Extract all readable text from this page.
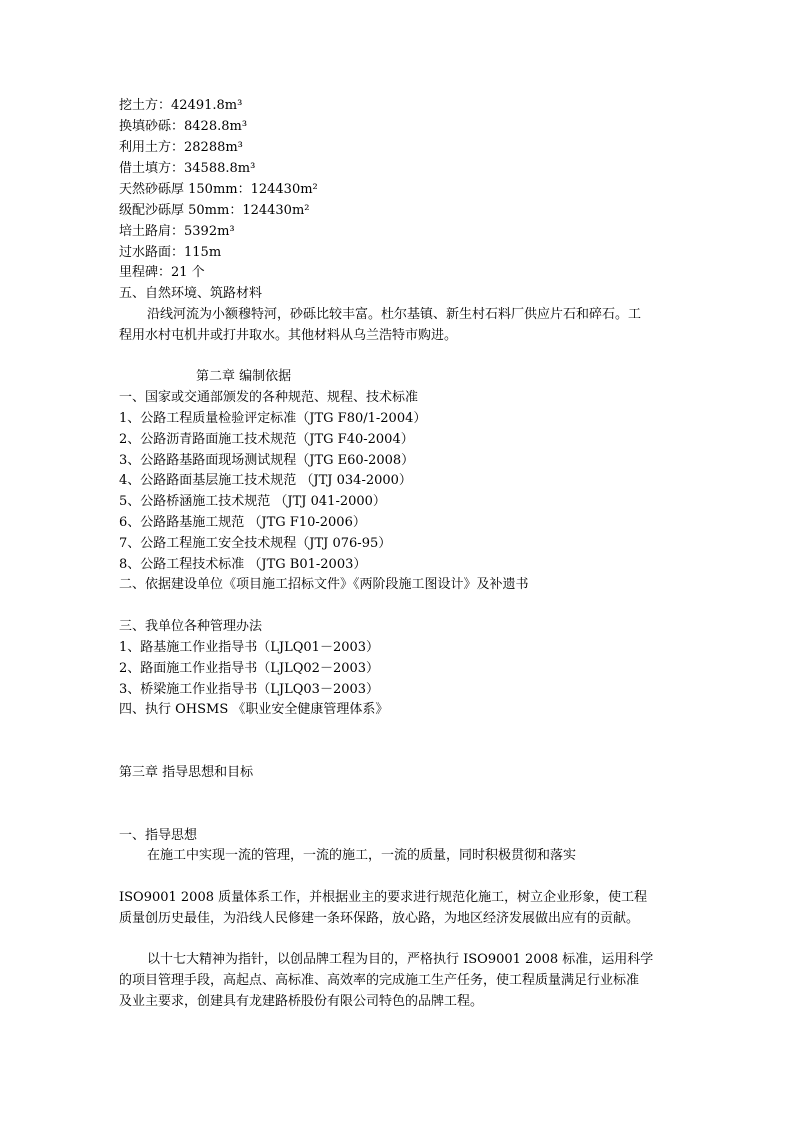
挖土方：42491.8m³

换填砂砾：8428.8m³

利用土方：28288m³

借土填方：34588.8m³

天然砂砾厚 150mm：124430m²

级配沙砾厚 50mm：124430m²

培土路肩：5392m³

过水路面：115m

里程碑：21 个

五、自然环境、筑路材料

沿线河流为小额穆特河，砂砾比较丰富。杜尔基镇、新生村石料厂供应片石和碎石。工

程用水村屯机井或打井取水。其他材料从乌兰浩特市购进。

第二章 编制依据

一、国家或交通部颁发的各种规范、规程、技术标准

1、公路工程质量检验评定标准（JTG F80/1-2004）

2、公路沥青路面施工技术规范（JTG F40-2004）

3、公路路基路面现场测试规程（JTG E60-2008）

4、公路路面基层施工技术规范 （JTJ 034-2000）

5、公路桥涵施工技术规范 （JTJ 041-2000）

6、公路路基施工规范 （JTG F10-2006）

7、公路工程施工安全技术规程（JTJ 076-95）

8、公路工程技术标准 （JTG B01-2003）

二、依据建设单位《项目施工招标文件》《两阶段施工图设计》及补遗书

三、我单位各种管理办法

1、路基施工作业指导书（LJLQ01－2003）

2、路面施工作业指导书（LJLQ02－2003）

3、桥梁施工作业指导书（LJLQ03－2003）

四、执行 OHSMS 《职业安全健康管理体系》

第三章 指导思想和目标

一、指导思想

在施工中实现一流的管理，一流的施工，一流的质量，同时积极贯彻和落实

ISO9001 2008 质量体系工作，并根据业主的要求进行规范化施工，树立企业形象，使工程

质量创历史最佳，为沿线人民修建一条环保路，放心路，为地区经济发展做出应有的贡献。

以十七大精神为指针，以创品牌工程为目的，严格执行 ISO9001 2008 标准，运用科学

的项目管理手段，高起点、高标准、高效率的完成施工生产任务，使工程质量满足行业标准

及业主要求，创建具有龙建路桥股份有限公司特色的品牌工程。
